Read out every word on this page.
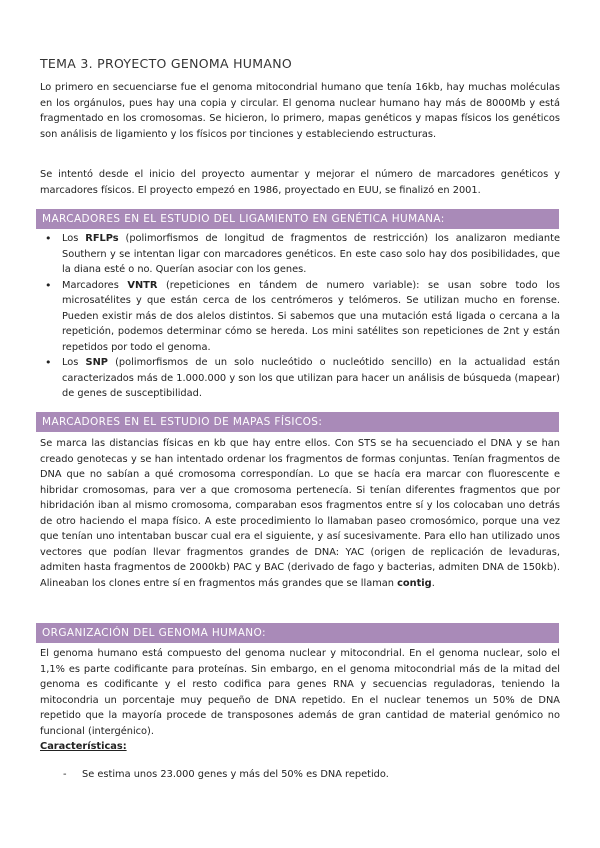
TEMA 3. PROYECTO GENOMA HUMANO

Lo primero en secuenciarse fue el genoma mitocondrial humano que tenía 16kb, hay muchas moléculas en los orgánulos, pues hay una copia y circular. El genoma nuclear humano hay más de 8000Mb y está fragmentado en los cromosomas. Se hicieron, lo primero, mapas genéticos y mapas físicos los genéticos son análisis de ligamiento y los físicos por tinciones y estableciendo estructuras.

Se intentó desde el inicio del proyecto aumentar y mejorar el número de marcadores genéticos y marcadores físicos. El proyecto empezó en 1986, proyectado en EUU, se finalizó en 2001.

MARCADORES EN EL ESTUDIO DEL LIGAMIENTO EN GENÉTICA HUMANA:
• Los RFLPs (polimorfismos de longitud de fragmentos de restricción) los analizaron mediante Southern y se intentan ligar con marcadores genéticos. En este caso solo hay dos posibilidades, que la diana esté o no. Querían asociar con los genes.
• Marcadores VNTR (repeticiones en tándem de numero variable): se usan sobre todo los microsatélites y que están cerca de los centrómeros y telómeros. Se utilizan mucho en forense. Pueden existir más de dos alelos distintos. Si sabemos que una mutación está ligada o cercana a la repetición, podemos determinar cómo se hereda. Los mini satélites son repeticiones de 2nt y están repetidos por todo el genoma.
• Los SNP (polimorfismos de un solo nucleótido o nucleótido sencillo) en la actualidad están caracterizados más de 1.000.000 y son los que utilizan para hacer un análisis de búsqueda (mapear) de genes de susceptibilidad.
MARCADORES EN EL ESTUDIO DE MAPAS FÍSICOS:

Se marca las distancias físicas en kb que hay entre ellos. Con STS se ha secuenciado el DNA y se han creado genotecas y se han intentado ordenar los fragmentos de formas conjuntas. Tenían fragmentos de DNA que no sabían a qué cromosoma correspondían. Lo que se hacía era marcar con fluorescente e hibridar cromosomas, para ver a que cromosoma pertenecía. Si tenían diferentes fragmentos que por hibridación iban al mismo cromosoma, comparaban esos fragmentos entre sí y los colocaban uno detrás de otro haciendo el mapa físico. A este procedimiento lo llamaban paseo cromosómico, porque una vez que tenían uno intentaban buscar cual era el siguiente, y así sucesivamente. Para ello han utilizado unos vectores que podían llevar fragmentos grandes de DNA: YAC (origen de replicación de levaduras, admiten hasta fragmentos de 2000kb) PAC y BAC (derivado de fago y bacterias, admiten DNA de 150kb). Alineaban los clones entre sí en fragmentos más grandes que se llaman contig.

ORGANIZACIÓN DEL GENOMA HUMANO:

El genoma humano está compuesto del genoma nuclear y mitocondrial. En el genoma nuclear, solo el 1,1% es parte codificante para proteínas. Sin embargo, en el genoma mitocondrial más de la mitad del genoma es codificante y el resto codifica para genes RNA y secuencias reguladoras, teniendo la mitocondria un porcentaje muy pequeño de DNA repetido. En el nuclear tenemos un 50% de DNA repetido que la mayoría procede de transposones además de gran cantidad de material genómico no funcional (intergénico).
Características:

- Se estima unos 23.000 genes y más del 50% es DNA repetido.
